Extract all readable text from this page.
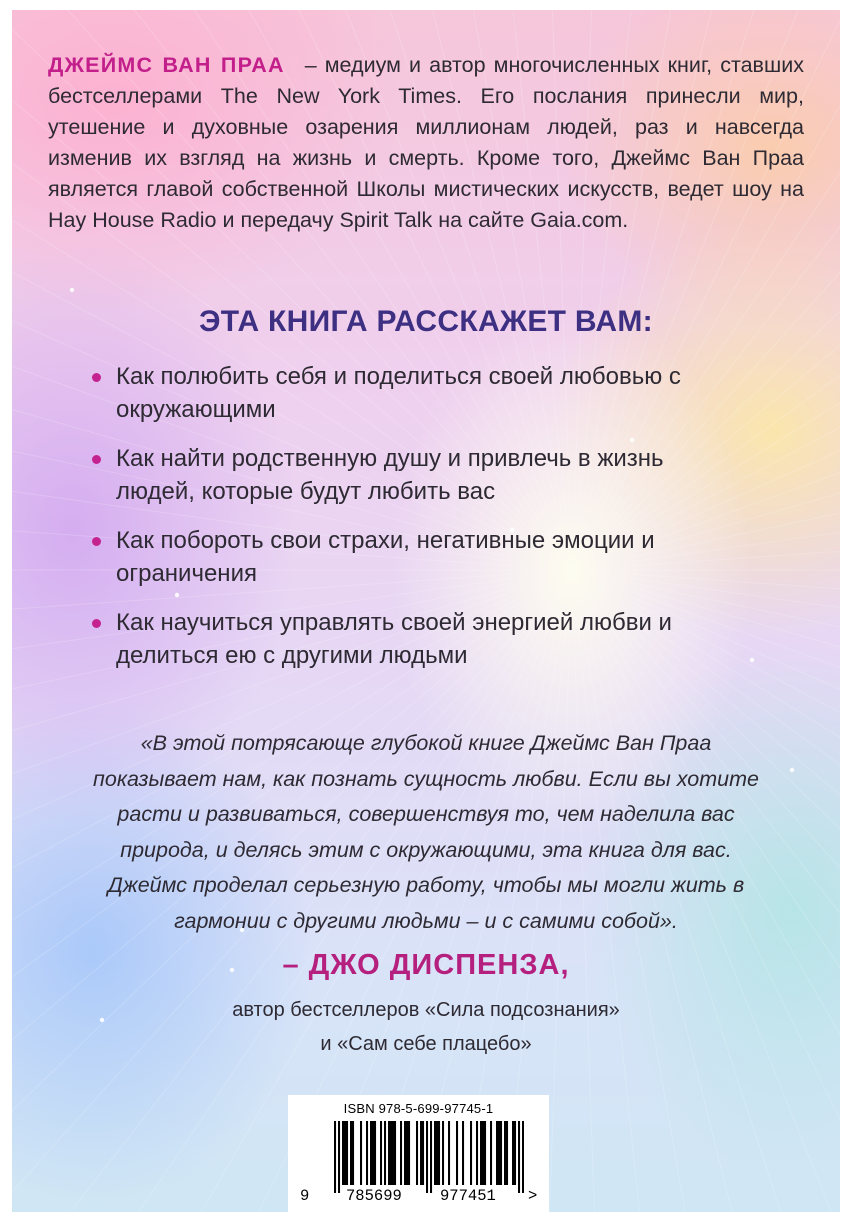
ДЖЕЙМС ВАН ПРАА – медиум и автор многочисленных книг, ставших бестселлерами The New York Times. Его послания принесли мир, утешение и духовные озарения миллионам людей, раз и навсегда изменив их взгляд на жизнь и смерть. Кроме того, Джеймс Ван Праа является главой собственной Школы мистических искусств, ведет шоу на Hay House Radio и передачу Spirit Talk на сайте Gaia.com.
ЭТА КНИГА РАССКАЖЕТ ВАМ:
Как полюбить себя и поделиться своей любовью с окружающими
Как найти родственную душу и привлечь в жизнь людей, которые будут любить вас
Как побороть свои страхи, негативные эмоции и ограничения
Как научиться управлять своей энергией любви и делиться ею с другими людьми
«В этой потрясающе глубокой книге Джеймс Ван Праа
показывает нам, как познать сущность любви. Если вы хотите
расти и развиваться, совершенствуя то, чем наделила вас
природа, и делясь этим с окружающими, эта книга для вас.
Джеймс проделал серьезную работу, чтобы мы могли жить в
гармонии с другими людьми – и с самими собой».
– ДЖО ДИСПЕНЗА,
автор бестселлеров «Сила подсознания»
и «Сам себе плацебо»
ISBN 978-5-699-97745-1
9 785699 977451 >
